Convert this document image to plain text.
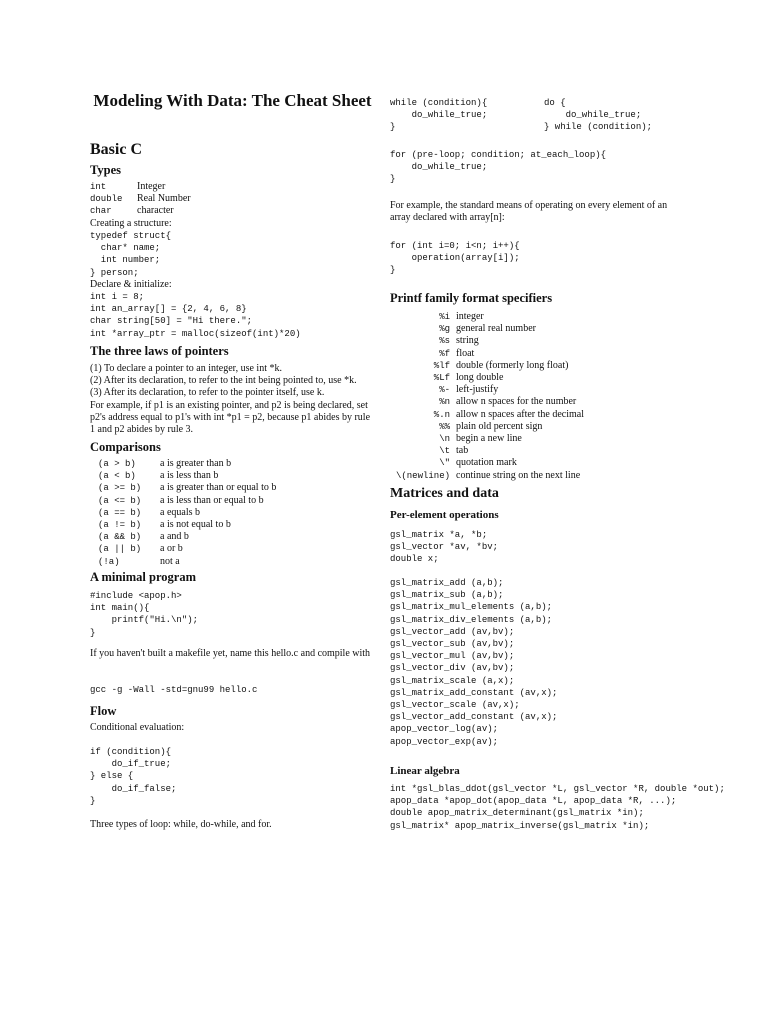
Modeling With Data: The Cheat Sheet
Basic C
Types
int	Integer
double	Real Number
char	character
Creating a structure:
typedef struct{
char* name;
int number;
} person;
Declare & initialize:
int i = 8;
int an_array[] = {2, 4, 6, 8}
char string[50] = "Hi there.";
int *array_ptr = malloc(sizeof(int)*20)
The three laws of pointers
(1) To declare a pointer to an integer, use int *k.
(2) After its declaration, to refer to the int being pointed to, use *k.
(3) After its declaration, to refer to the pointer itself, use k.
For example, if p1 is an existing pointer, and p2 is being declared, set p2's address equal to p1's with int *p1 = p2, because p1 abides by rule 1 and p2 abides by rule 3.
Comparisons
(a > b)	a is greater than b
(a < b)	a is less than b
(a >= b)	a is greater than or equal to b
(a <= b)	a is less than or equal to b
(a == b)	a equals b
(a != b)	a is not equal to b
(a && b)	a and b
(a || b)	a or b
(!a)	not a
A minimal program
#include <apop.h>
int main(){
printf("Hi.\n");
}
If you haven't built a makefile yet, name this hello.c and compile with
gcc -g -Wall -std=gnu99 hello.c
Flow
Conditional evaluation:
if (condition){
do_if_true;
} else {
do_if_false;
}
Three types of loop: while, do-while, and for.
while (condition){
do_while_true;
}
do {
do_while_true;
} while (condition);
for (pre-loop; condition; at_each_loop){
do_while_true;
}
For example, the standard means of operating on every element of an array declared with array[n]:
for (int i=0; i<n; i++){
operation(array[i]);
}
Printf family format specifiers
%i	integer
%g	general real number
%s	string
%f	float
%lf	double (formerly long float)
%Lf	long double
%-	left-justify
%n	allow n spaces for the number
%.n	allow n spaces after the decimal
%%	plain old percent sign
\n	begin a new line
\t	tab
\"	quotation mark
\(newline)	continue string on the next line
Matrices and data
Per-element operations
gsl_matrix *a, *b;
gsl_vector *av, *bv;
double x;
gsl_matrix_add (a,b);
gsl_matrix_sub (a,b);
gsl_matrix_mul_elements (a,b);
gsl_matrix_div_elements (a,b);
gsl_vector_add (av,bv);
gsl_vector_sub (av,bv);
gsl_vector_mul (av,bv);
gsl_vector_div (av,bv);
gsl_matrix_scale (a,x);
gsl_matrix_add_constant (av,x);
gsl_vector_scale (av,x);
gsl_vector_add_constant (av,x);
apop_vector_log(av);
apop_vector_exp(av);
Linear algebra
int *gsl_blas_ddot(gsl_vector *L, gsl_vector *R, double *out);
apop_data *apop_dot(apop_data *L, apop_data *R, ...);
double apop_matrix_determinant(gsl_matrix *in);
gsl_matrix* apop_matrix_inverse(gsl_matrix *in);
